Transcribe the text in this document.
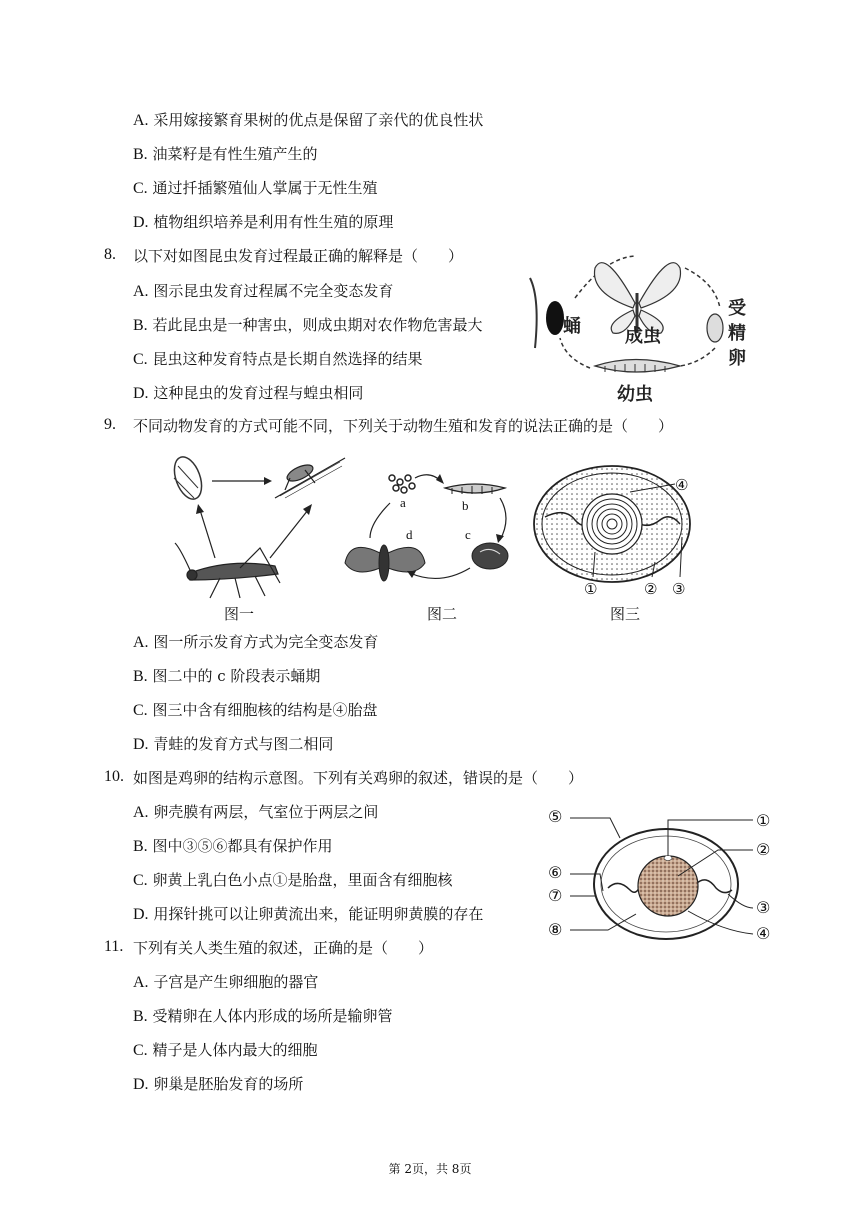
A. 采用嫁接繁育果树的优点是保留了亲代的优良性状
B. 油菜籽是有性生殖产生的
C. 通过扦插繁殖仙人掌属于无性生殖
D. 植物组织培养是利用有性生殖的原理
8. 以下对如图昆虫发育过程最正确的解释是（　　）
A. 图示昆虫发育过程属不完全变态发育
B. 若此昆虫是一种害虫，则成虫期对农作物危害最大
C. 昆虫这种发育特点是长期自然选择的结果
D. 这种昆虫的发育过程与蝗虫相同
蛹 成虫
受精卵
幼虫
9. 不同动物发育的方式可能不同，下列关于动物生殖和发育的说法正确的是（　　）
图一
a	b
c
d
图二
④
①	② ③
图三
A. 图一所示发育方式为完全变态发育
B. 图二中的 c 阶段表示蛹期
C. 图三中含有细胞核的结构是④胎盘
D. 青蛙的发育方式与图二相同
10. 如图是鸡卵的结构示意图。下列有关鸡卵的叙述，错误的是（　　）
A. 卵壳膜有两层，气室位于两层之间
B. 图中③⑤⑥都具有保护作用
C. 卵黄上乳白色小点①是胎盘，里面含有细胞核
D. 用探针挑可以让卵黄流出来，能证明卵黄膜的存在
⑤
⑥
⑦
⑧
①
②
③
④
11. 下列有关人类生殖的叙述，正确的是（　　）
A. 子宫是产生卵细胞的器官
B. 受精卵在人体内形成的场所是输卵管
C. 精子是人体内最大的细胞
D. 卵巢是胚胎发育的场所
第 2页，共 8页
